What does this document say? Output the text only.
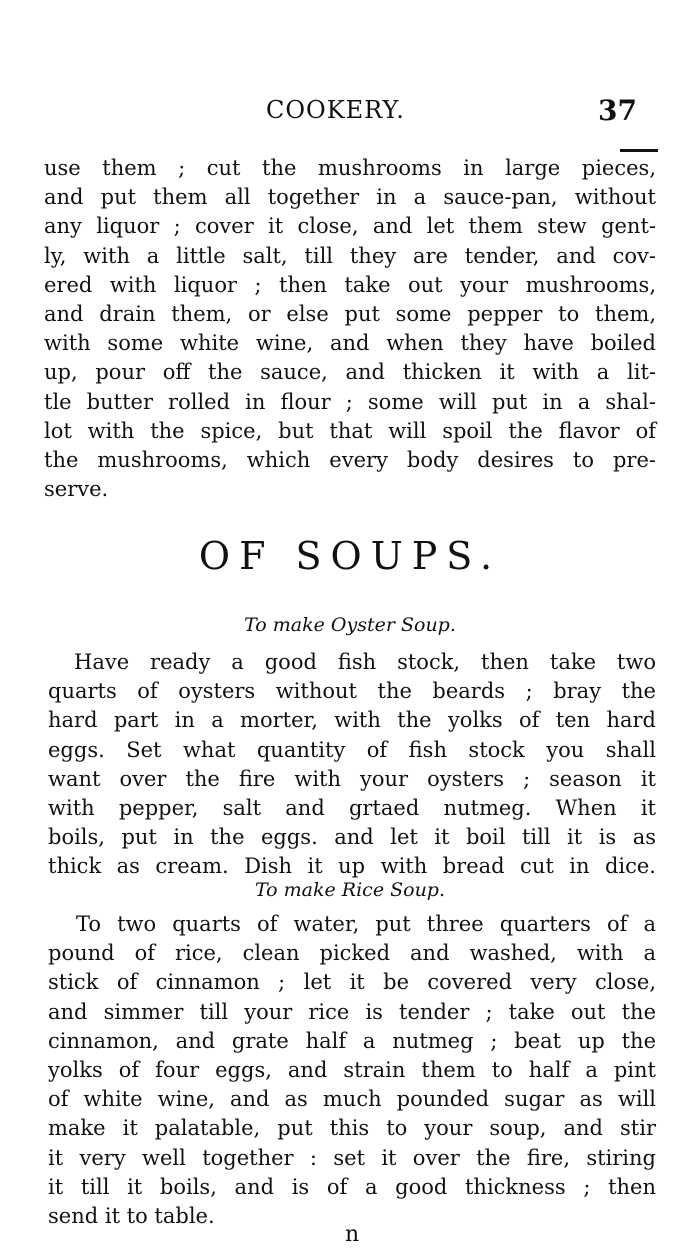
COOKERY.	37
use them ; cut the mushrooms in large pieces,
and put them all together in a sauce-pan, without
any liquor ; cover it close, and let them stew gent-
ly, with a little salt, till they are tender, and cov-
ered with liquor ; then take out your mushrooms,
and drain them, or else put some pepper to them,
with some white wine, and when they have boiled
up, pour off the sauce, and thicken it with a lit-
tle butter rolled in flour ; some will put in a shal-
lot with the spice, but that will spoil the flavor of
the mushrooms, which every body desires to pre-
serve.
OF SOUPS.
To make Oyster Soup.
Have ready a good fish stock, then take two
quarts of oysters without the beards ; bray the
hard part in a morter, with the yolks of ten hard
eggs. Set what quantity of fish stock you shall
want over the fire with your oysters ; season it
with pepper, salt and grtaed nutmeg. When it
boils, put in the eggs. and let it boil till it is as
thick as cream. Dish it up with bread cut in dice.
To make Rice Soup.
To two quarts of water, put three quarters of a
pound of rice, clean picked and washed, with a
stick of cinnamon ; let it be covered very close,
and simmer till your rice is tender ; take out the
cinnamon, and grate half a nutmeg ; beat up the
yolks of four eggs, and strain them to half a pint
of white wine, and as much pounded sugar as will
make it palatable, put this to your soup, and stir
it very well together : set it over the fire, stiring
it till it boils, and is of a good thickness ; then
send it to table.
n
